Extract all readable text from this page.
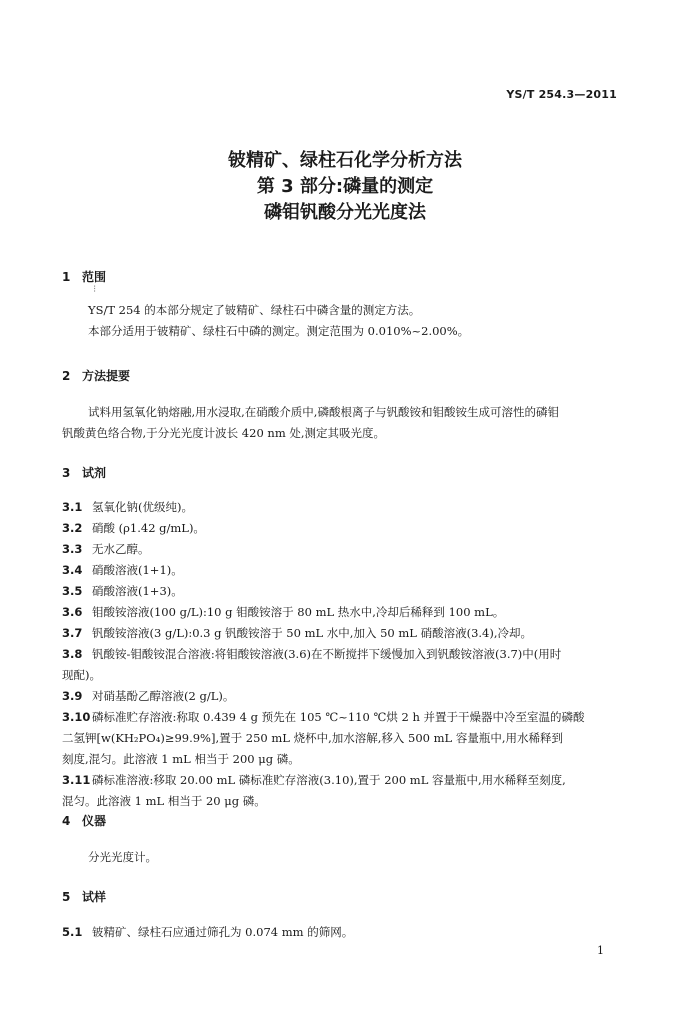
YS/T 254.3—2011
铍精矿、绿柱石化学分析方法
第 3 部分:磷量的测定
磷钼钒酸分光光度法
1 范围
⁝
YS/T 254 的本部分规定了铍精矿、绿柱石中磷含量的测定方法。
本部分适用于铍精矿、绿柱石中磷的测定。测定范围为 0.010%~2.00%。
2 方法提要
试料用氢氧化钠熔融,用水浸取,在硝酸介质中,磷酸根离子与钒酸铵和钼酸铵生成可溶性的磷钼
钒酸黄色络合物,于分光光度计波长 420 nm 处,测定其吸光度。
3 试剂
3.1 氢氧化钠(优级纯)。
3.2 硝酸 (ρ1.42 g/mL)。
3.3 无水乙醇。
3.4 硝酸溶液(1+1)。
3.5 硝酸溶液(1+3)。
3.6 钼酸铵溶液(100 g/L):10 g 钼酸铵溶于 80 mL 热水中,冷却后稀释到 100 mL。
3.7 钒酸铵溶液(3 g/L):0.3 g 钒酸铵溶于 50 mL 水中,加入 50 mL 硝酸溶液(3.4),冷却。
3.8 钒酸铵-钼酸铵混合溶液:将钼酸铵溶液(3.6)在不断搅拌下缓慢加入到钒酸铵溶液(3.7)中(用时
现配)。
3.9 对硝基酚乙醇溶液(2 g/L)。
3.10 磷标准贮存溶液:称取 0.439 4 g 预先在 105 ℃~110 ℃烘 2 h 并置于干燥器中冷至室温的磷酸
二氢钾[w(KH₂PO₄)≥99.9%],置于 250 mL 烧杯中,加水溶解,移入 500 mL 容量瓶中,用水稀释到
刻度,混匀。此溶液 1 mL 相当于 200 μg 磷。
3.11 磷标准溶液:移取 20.00 mL 磷标准贮存溶液(3.10),置于 200 mL 容量瓶中,用水稀释至刻度,
混匀。此溶液 1 mL 相当于 20 μg 磷。
4 仪器
分光光度计。
5 试样
5.1 铍精矿、绿柱石应通过筛孔为 0.074 mm 的筛网。
1
